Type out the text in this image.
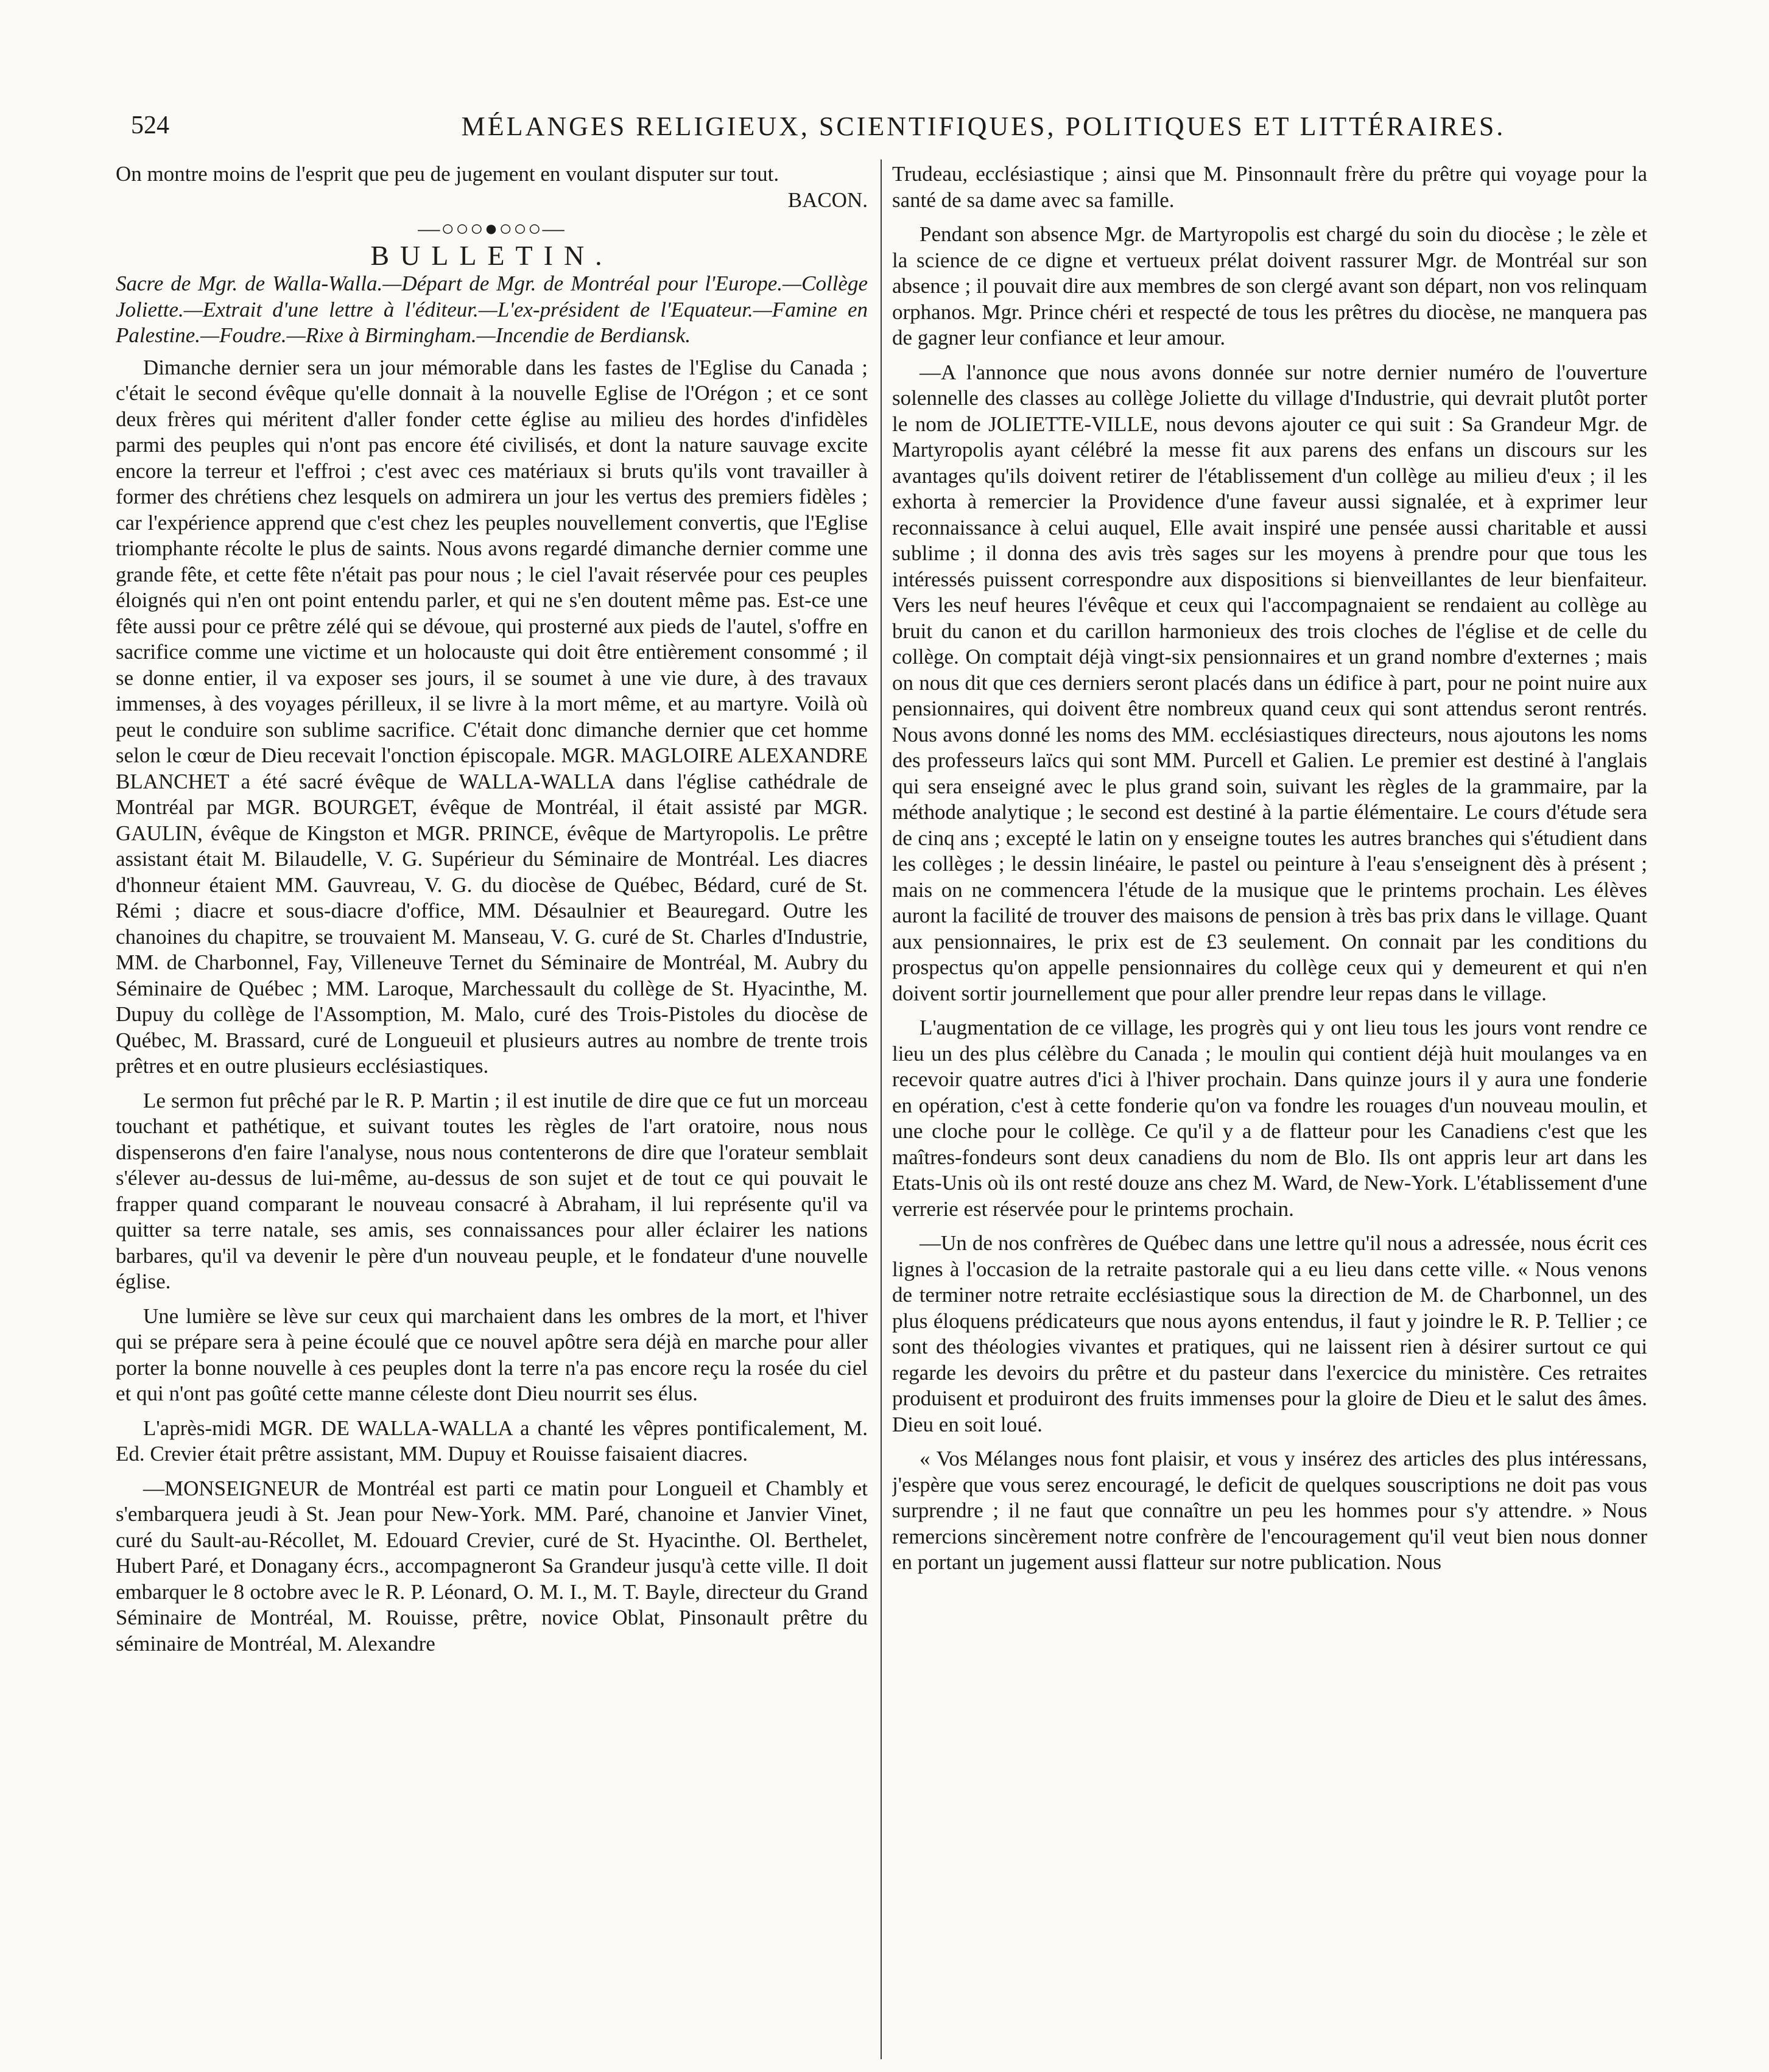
524	MÉLANGES RELIGIEUX, SCIENTIFIQUES, POLITIQUES ET LITTÉRAIRES.

On montre moins de l'esprit que peu de jugement en voulant disputer sur tout.
BACON.

—○○○●○○○—
BULLETIN.

Sacre de Mgr. de Walla-Walla.—Départ de Mgr. de Montréal pour l'Europe.—Collège Joliette.—Extrait d'une lettre à l'éditeur.—L'ex-président de l'Equateur.—Famine en Palestine.—Foudre.—Rixe à Birmingham.—Incendie de Berdiansk.

Dimanche dernier sera un jour mémorable dans les fastes de l'Eglise du Canada ; c'était le second évêque qu'elle donnait à la nouvelle Eglise de l'Orégon ; et ce sont deux frères qui méritent d'aller fonder cette église au milieu des hordes d'infidèles parmi des peuples qui n'ont pas encore été civilisés, et dont la nature sauvage excite encore la terreur et l'effroi ; c'est avec ces matériaux si bruts qu'ils vont travailler à former des chrétiens chez lesquels on admirera un jour les vertus des premiers fidèles ; car l'expérience apprend que c'est chez les peuples nouvellement convertis, que l'Eglise triomphante récolte le plus de saints. Nous avons regardé dimanche dernier comme une grande fête, et cette fête n'était pas pour nous ; le ciel l'avait réservée pour ces peuples éloignés qui n'en ont point entendu parler, et qui ne s'en doutent même pas. Est-ce une fête aussi pour ce prêtre zélé qui se dévoue, qui prosterné aux pieds de l'autel, s'offre en sacrifice comme une victime et un holocauste qui doit être entièrement consommé ; il se donne entier, il va exposer ses jours, il se soumet à une vie dure, à des travaux immenses, à des voyages périlleux, il se livre à la mort même, et au martyre. Voilà où peut le conduire son sublime sacrifice. C'était donc dimanche dernier que cet homme selon le cœur de Dieu recevait l'onction épiscopale. MGR. MAGLOIRE ALEXANDRE BLANCHET a été sacré évêque de WALLA-WALLA dans l'église cathédrale de Montréal par MGR. BOURGET, évêque de Montréal, il était assisté par MGR. GAULIN, évêque de Kingston et MGR. PRINCE, évêque de Martyropolis. Le prêtre assistant était M. Bilaudelle, V. G. Supérieur du Séminaire de Montréal. Les diacres d'honneur étaient MM. Gauvreau, V. G. du diocèse de Québec, Bédard, curé de St. Rémi ; diacre et sous-diacre d'office, MM. Désaulnier et Beauregard. Outre les chanoines du chapitre, se trouvaient M. Manseau, V. G. curé de St. Charles d'Industrie, MM. de Charbonnel, Fay, Villeneuve Ternet du Séminaire de Montréal, M. Aubry du Séminaire de Québec ; MM. Laroque, Marchessault du collège de St. Hyacinthe, M. Dupuy du collège de l'Assomption, M. Malo, curé des Trois-Pistoles du diocèse de Québec, M. Brassard, curé de Longueuil et plusieurs autres au nombre de trente trois prêtres et en outre plusieurs ecclésiastiques.

Le sermon fut prêché par le R. P. Martin ; il est inutile de dire que ce fut un morceau touchant et pathétique, et suivant toutes les règles de l'art oratoire, nous nous dispenserons d'en faire l'analyse, nous nous contenterons de dire que l'orateur semblait s'élever au-dessus de lui-même, au-dessus de son sujet et de tout ce qui pouvait le frapper quand comparant le nouveau consacré à Abraham, il lui représente qu'il va quitter sa terre natale, ses amis, ses connaissances pour aller éclairer les nations barbares, qu'il va devenir le père d'un nouveau peuple, et le fondateur d'une nouvelle église.

Une lumière se lève sur ceux qui marchaient dans les ombres de la mort, et l'hiver qui se prépare sera à peine écoulé que ce nouvel apôtre sera déjà en marche pour aller porter la bonne nouvelle à ces peuples dont la terre n'a pas encore reçu la rosée du ciel et qui n'ont pas goûté cette manne céleste dont Dieu nourrit ses élus.

L'après-midi MGR. DE WALLA-WALLA a chanté les vêpres pontificalement, M. Ed. Crevier était prêtre assistant, MM. Dupuy et Rouisse faisaient diacres.

—MONSEIGNEUR de Montréal est parti ce matin pour Longueil et Chambly et s'embarquera jeudi à St. Jean pour New-York. MM. Paré, chanoine et Janvier Vinet, curé du Sault-au-Récollet, M. Edouard Crevier, curé de St. Hyacinthe. Ol. Berthelet, Hubert Paré, et Donagany écrs., accompagneront Sa Grandeur jusqu'à cette ville. Il doit embarquer le 8 octobre avec le R. P. Léonard, O. M. I., M. T. Bayle, directeur du Grand Séminaire de Montréal, M. Rouisse, prêtre, novice Oblat, Pinsonault prêtre du séminaire de Montréal, M. Alexandre

Trudeau, ecclésiastique ; ainsi que M. Pinsonnault frère du prêtre qui voyage pour la santé de sa dame avec sa famille.

Pendant son absence Mgr. de Martyropolis est chargé du soin du diocèse ; le zèle et la science de ce digne et vertueux prélat doivent rassurer Mgr. de Montréal sur son absence ; il pouvait dire aux membres de son clergé avant son départ, non vos relinquam orphanos. Mgr. Prince chéri et respecté de tous les prêtres du diocèse, ne manquera pas de gagner leur confiance et leur amour.

—A l'annonce que nous avons donnée sur notre dernier numéro de l'ouverture solennelle des classes au collège Joliette du village d'Industrie, qui devrait plutôt porter le nom de JOLIETTE-VILLE, nous devons ajouter ce qui suit : Sa Grandeur Mgr. de Martyropolis ayant célébré la messe fit aux parens des enfans un discours sur les avantages qu'ils doivent retirer de l'établissement d'un collège au milieu d'eux ; il les exhorta à remercier la Providence d'une faveur aussi signalée, et à exprimer leur reconnaissance à celui auquel, Elle avait inspiré une pensée aussi charitable et aussi sublime ; il donna des avis très sages sur les moyens à prendre pour que tous les intéressés puissent correspondre aux dispositions si bienveillantes de leur bienfaiteur. Vers les neuf heures l'évêque et ceux qui l'accompagnaient se rendaient au collège au bruit du canon et du carillon harmonieux des trois cloches de l'église et de celle du collège. On comptait déjà vingt-six pensionnaires et un grand nombre d'externes ; mais on nous dit que ces derniers seront placés dans un édifice à part, pour ne point nuire aux pensionnaires, qui doivent être nombreux quand ceux qui sont attendus seront rentrés. Nous avons donné les noms des MM. ecclésiastiques directeurs, nous ajoutons les noms des professeurs laïcs qui sont MM. Purcell et Galien. Le premier est destiné à l'anglais qui sera enseigné avec le plus grand soin, suivant les règles de la grammaire, par la méthode analytique ; le second est destiné à la partie élémentaire. Le cours d'étude sera de cinq ans ; excepté le latin on y enseigne toutes les autres branches qui s'étudient dans les collèges ; le dessin linéaire, le pastel ou peinture à l'eau s'enseignent dès à présent ; mais on ne commencera l'étude de la musique que le printems prochain. Les élèves auront la facilité de trouver des maisons de pension à très bas prix dans le village. Quant aux pensionnaires, le prix est de £3 seulement. On connait par les conditions du prospectus qu'on appelle pensionnaires du collège ceux qui y demeurent et qui n'en doivent sortir journellement que pour aller prendre leur repas dans le village.

L'augmentation de ce village, les progrès qui y ont lieu tous les jours vont rendre ce lieu un des plus célèbre du Canada ; le moulin qui contient déjà huit moulanges va en recevoir quatre autres d'ici à l'hiver prochain. Dans quinze jours il y aura une fonderie en opération, c'est à cette fonderie qu'on va fondre les rouages d'un nouveau moulin, et une cloche pour le collège. Ce qu'il y a de flatteur pour les Canadiens c'est que les maîtres-fondeurs sont deux canadiens du nom de Blo. Ils ont appris leur art dans les Etats-Unis où ils ont resté douze ans chez M. Ward, de New-York. L'établissement d'une verrerie est réservée pour le printems prochain.

—Un de nos confrères de Québec dans une lettre qu'il nous a adressée, nous écrit ces lignes à l'occasion de la retraite pastorale qui a eu lieu dans cette ville. « Nous venons de terminer notre retraite ecclésiastique sous la direction de M. de Charbonnel, un des plus éloquens prédicateurs que nous ayons entendus, il faut y joindre le R. P. Tellier ; ce sont des théologies vivantes et pratiques, qui ne laissent rien à désirer surtout ce qui regarde les devoirs du prêtre et du pasteur dans l'exercice du ministère. Ces retraites produisent et produiront des fruits immenses pour la gloire de Dieu et le salut des âmes. Dieu en soit loué.

« Vos Mélanges nous font plaisir, et vous y insérez des articles des plus intéressans, j'espère que vous serez encouragé, le deficit de quelques souscriptions ne doit pas vous surprendre ; il ne faut que connaître un peu les hommes pour s'y attendre. » Nous remercions sincèrement notre confrère de l'encouragement qu'il veut bien nous donner en portant un jugement aussi flatteur sur notre publication. Nous
